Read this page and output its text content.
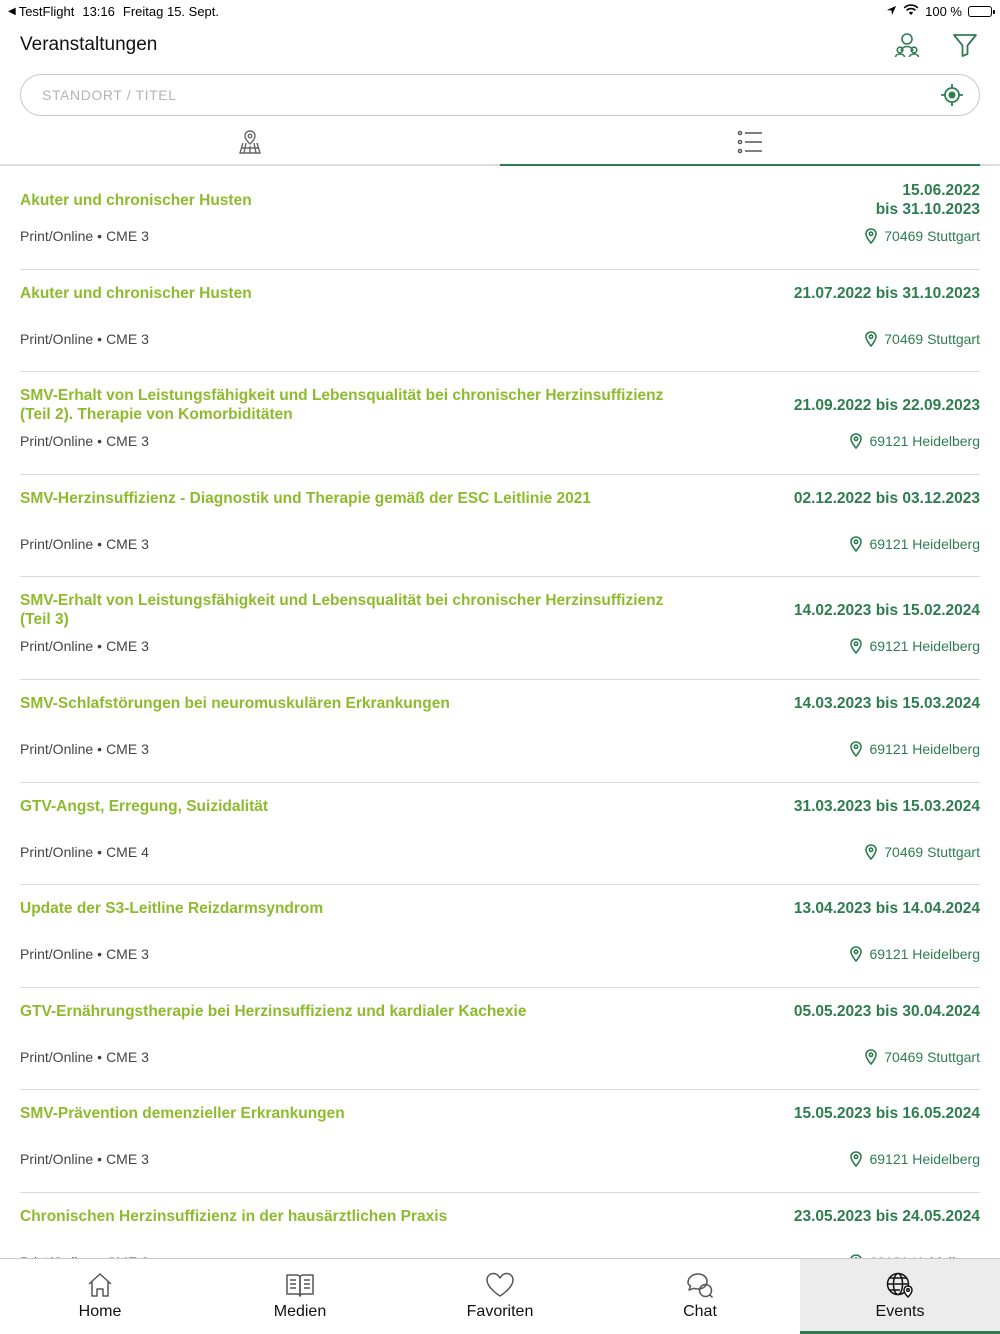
◀ TestFlight 13:16 Freitag 15. Sept.	100 %
Veranstaltungen
STANDORT / TITEL
Akuter und chronischer Husten
15.06.2022
bis 31.10.2023
Print/Online • CME 3	70469 Stuttgart
Akuter und chronischer Husten	21.07.2022 bis 31.10.2023
Print/Online • CME 3	70469 Stuttgart
SMV-Erhalt von Leistungsfähigkeit und Lebensqualität bei chronischer Herzinsuffizienz (Teil 2). Therapie von Komorbiditäten
21.09.2022 bis 22.09.2023
Print/Online • CME 3	69121 Heidelberg
SMV-Herzinsuffizienz - Diagnostik und Therapie gemäß der ESC Leitlinie 2021	02.12.2022 bis 03.12.2023
Print/Online • CME 3	69121 Heidelberg
SMV-Erhalt von Leistungsfähigkeit und Lebensqualität bei chronischer Herzinsuffizienz (Teil 3)
14.02.2023 bis 15.02.2024
Print/Online • CME 3	69121 Heidelberg
SMV-Schlafstörungen bei neuromuskulären Erkrankungen	14.03.2023 bis 15.03.2024
Print/Online • CME 3	69121 Heidelberg
GTV-Angst, Erregung, Suizidalität	31.03.2023 bis 15.03.2024
Print/Online • CME 4	70469 Stuttgart
Update der S3-Leitline Reizdarmsyndrom	13.04.2023 bis 14.04.2024
Print/Online • CME 3	69121 Heidelberg
GTV-Ernährungstherapie bei Herzinsuffizienz und kardialer Kachexie	05.05.2023 bis 30.04.2024
Print/Online • CME 3	70469 Stuttgart
SMV-Prävention demenzieller Erkrankungen	15.05.2023 bis 16.05.2024
Print/Online • CME 3	69121 Heidelberg
Chronischen Herzinsuffizienz in der hausärztlichen Praxis	23.05.2023 bis 24.05.2024
Home	Medien	Favoriten	Chat	Events
